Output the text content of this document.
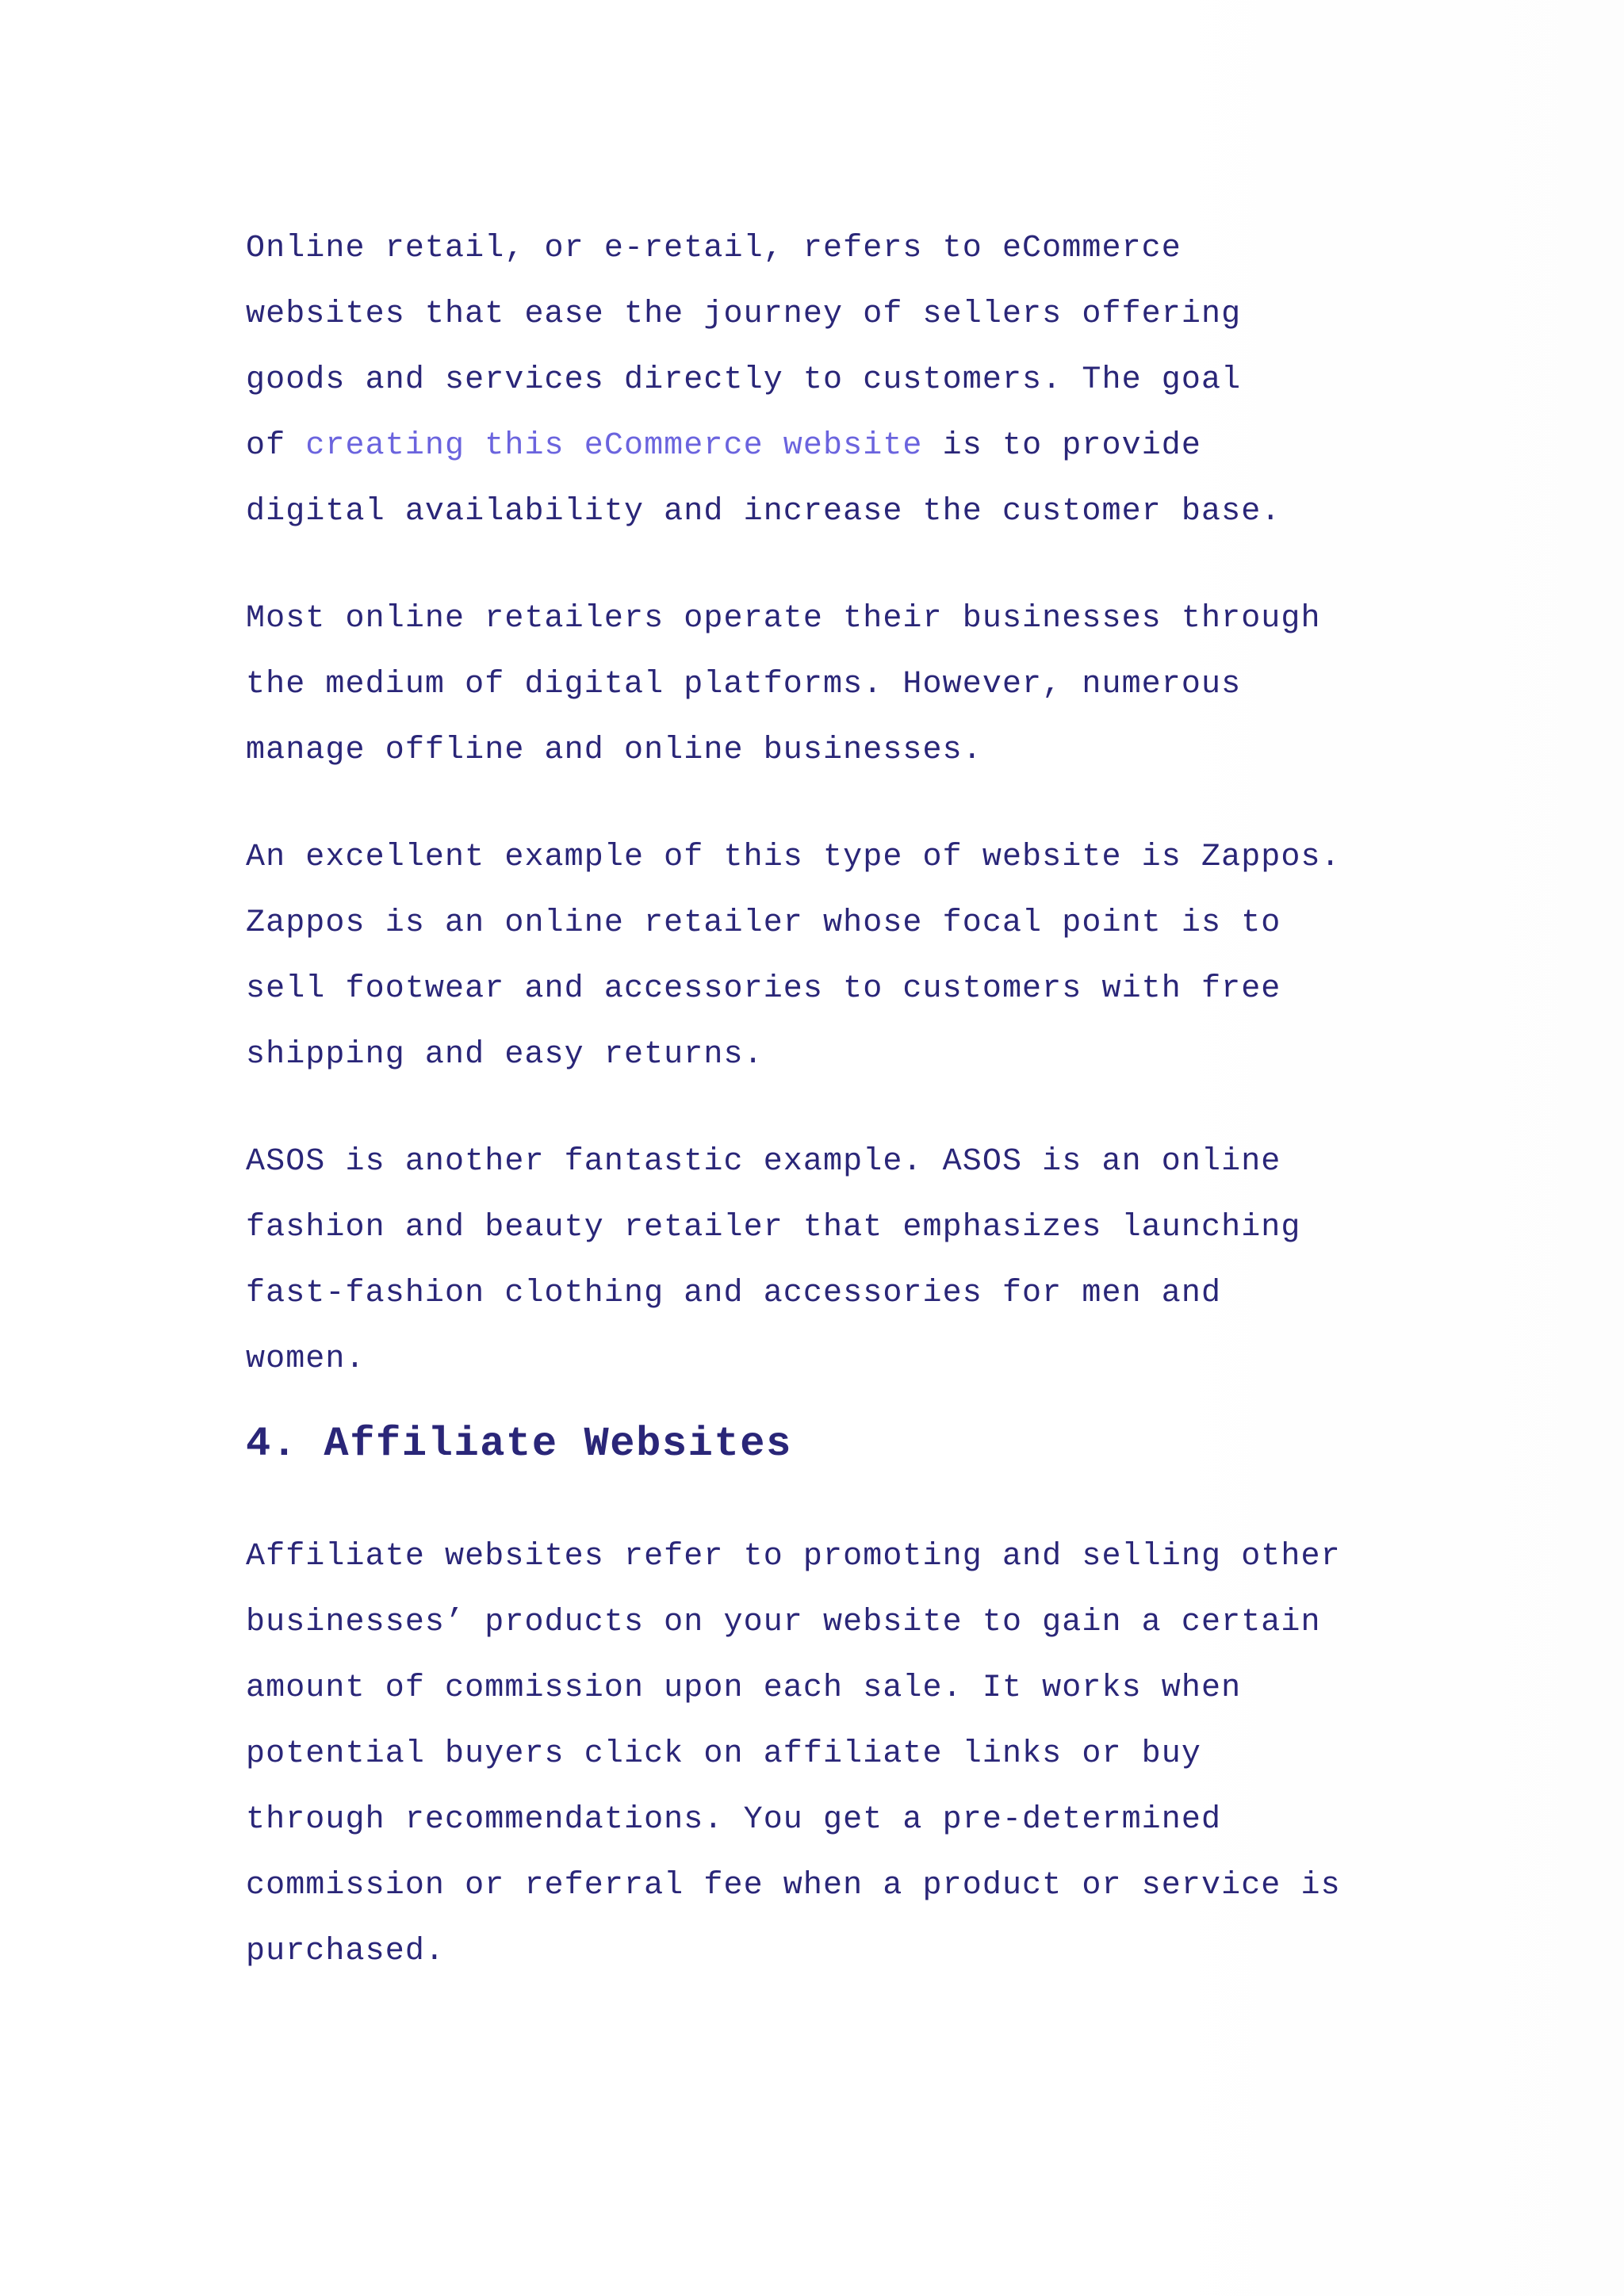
Online retail, or e-retail, refers to eCommerce
websites that ease the journey of sellers offering
goods and services directly to customers. The goal
of creating this eCommerce website is to provide
digital availability and increase the customer base.

Most online retailers operate their businesses through
the medium of digital platforms. However, numerous
manage offline and online businesses.

An excellent example of this type of website is Zappos.
Zappos is an online retailer whose focal point is to
sell footwear and accessories to customers with free
shipping and easy returns.

ASOS is another fantastic example. ASOS is an online
fashion and beauty retailer that emphasizes launching
fast-fashion clothing and accessories for men and
women.

4. Affiliate Websites

Affiliate websites refer to promoting and selling other
businesses’ products on your website to gain a certain
amount of commission upon each sale. It works when
potential buyers click on affiliate links or buy
through recommendations. You get a pre-determined
commission or referral fee when a product or service is
purchased.
